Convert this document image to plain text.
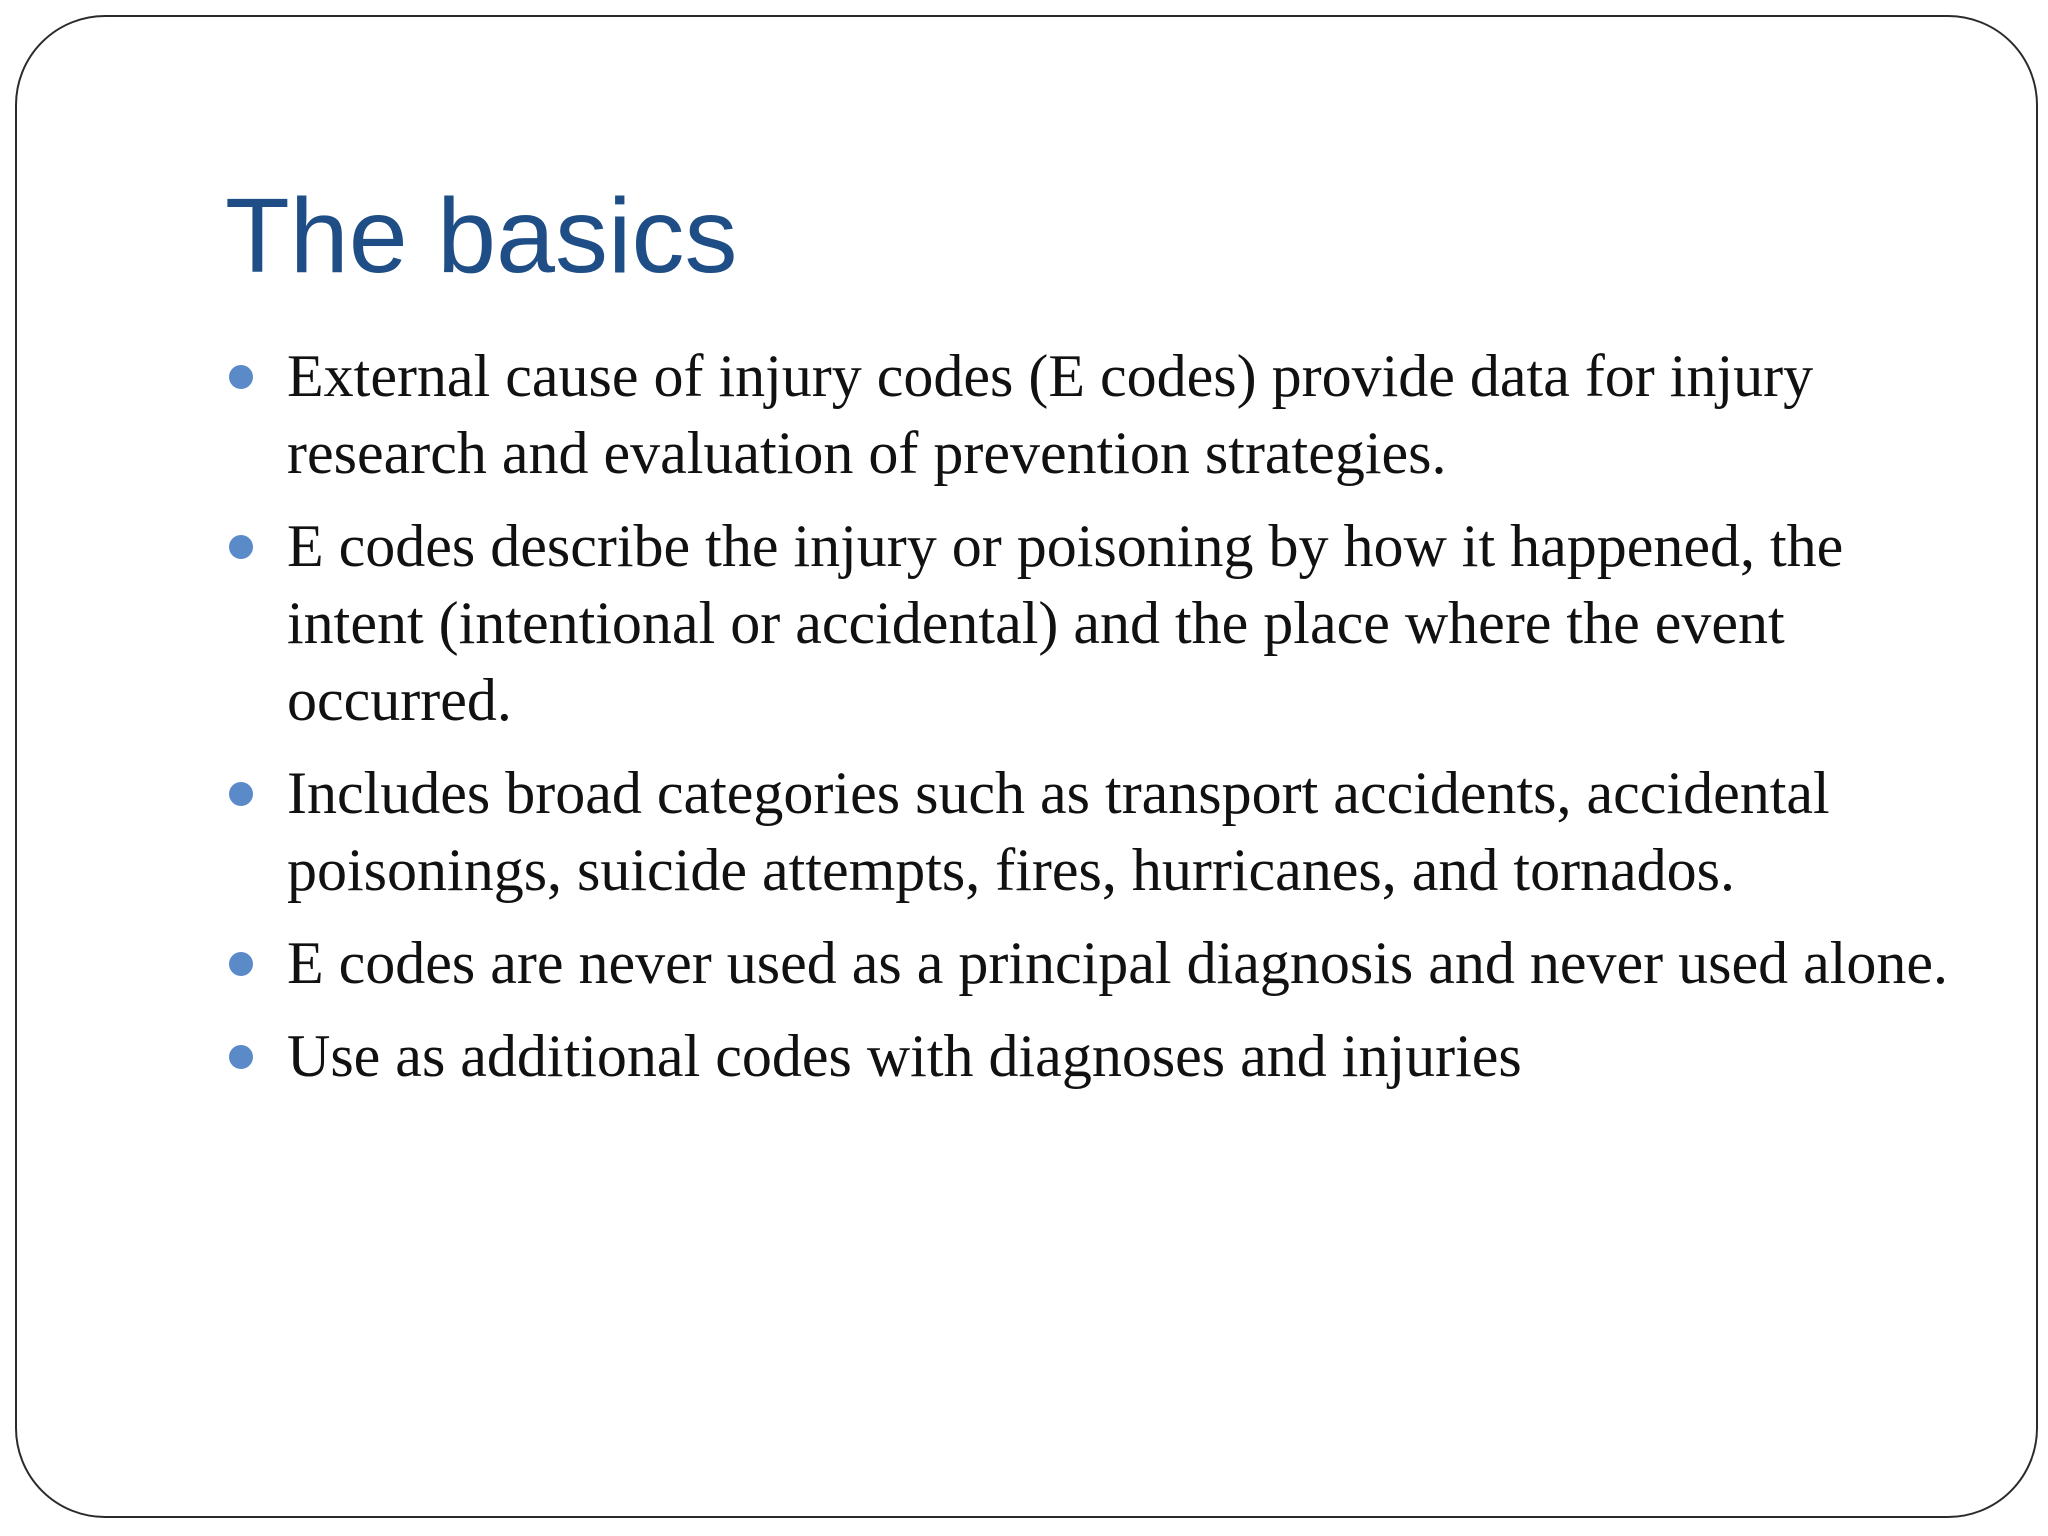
The basics
External cause of injury codes (E codes) provide data for injury research and evaluation of prevention strategies.
E codes describe the injury or poisoning by how it happened, the intent (intentional or accidental) and the place where the event occurred.
Includes broad categories such as transport accidents, accidental poisonings, suicide attempts, fires, hurricanes, and tornados.
E codes are never used as a principal diagnosis and never used alone.
Use as additional codes with diagnoses and injuries
